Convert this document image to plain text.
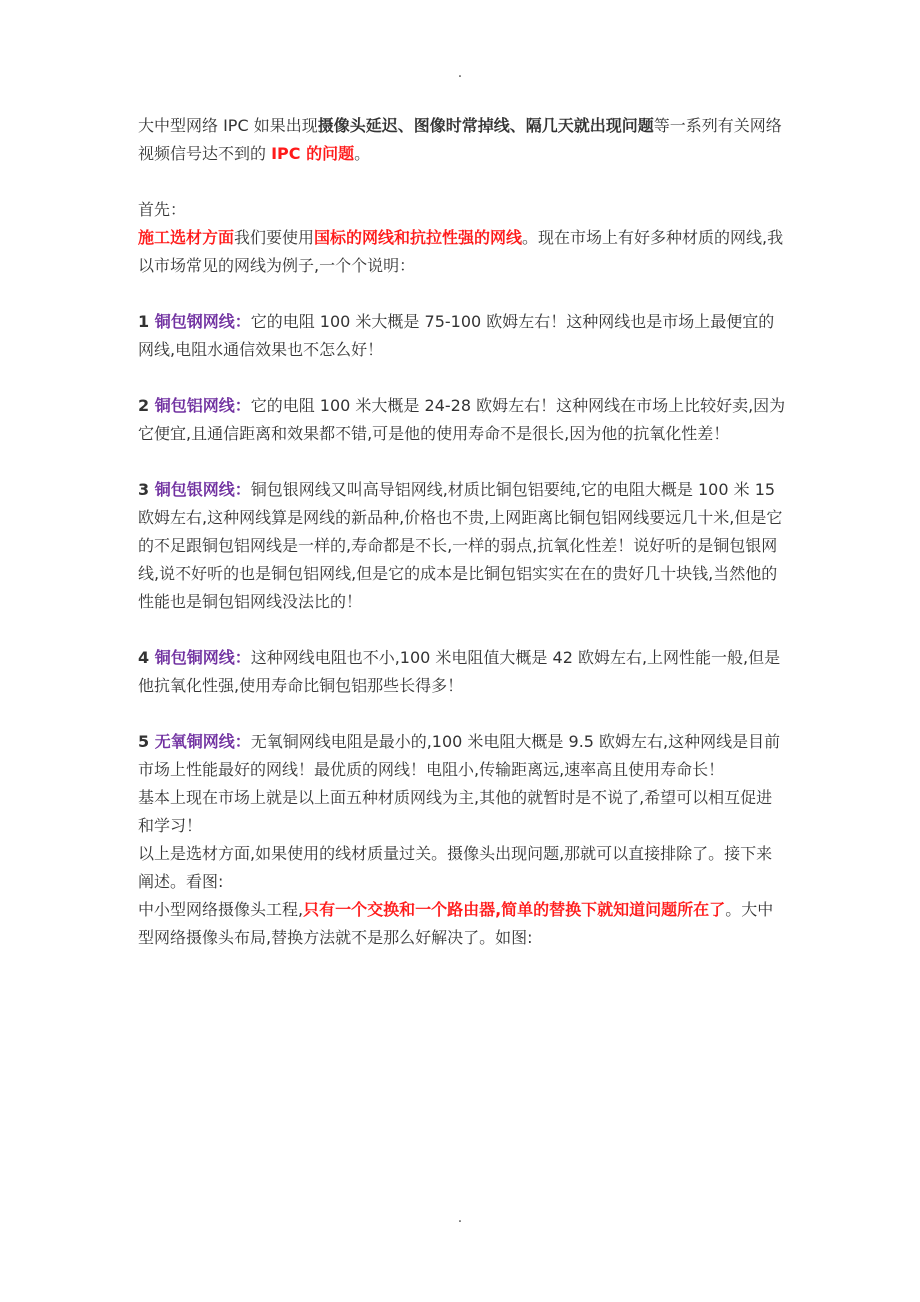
.

大中型网络 IPC 如果出现摄像头延迟、图像时常掉线、隔几天就出现问题等一系列有关网络视频信号达不到的 IPC 的问题。

首先：

施工选材方面我们要使用国标的网线和抗拉性强的网线。现在市场上有好多种材质的网线,我以市场常见的网线为例子,一个个说明：

1 铜包钢网线：它的电阻 100 米大概是 75-100 欧姆左右！这种网线也是市场上最便宜的网线,电阻水通信效果也不怎么好！

2 铜包铝网线：它的电阻 100 米大概是 24-28 欧姆左右！这种网线在市场上比较好卖,因为它便宜,且通信距离和效果都不错,可是他的使用寿命不是很长,因为他的抗氧化性差！

3 铜包银网线：铜包银网线又叫高导铝网线,材质比铜包铝要纯,它的电阻大概是 100 米 15 欧姆左右,这种网线算是网线的新品种,价格也不贵,上网距离比铜包铝网线要远几十米,但是它的不足跟铜包铝网线是一样的,寿命都是不长,一样的弱点,抗氧化性差！说好听的是铜包银网线,说不好听的也是铜包铝网线,但是它的成本是比铜包铝实实在在的贵好几十块钱,当然他的性能也是铜包铝网线没法比的！

4 铜包铜网线：这种网线电阻也不小,100 米电阻值大概是 42 欧姆左右,上网性能一般,但是他抗氧化性强,使用寿命比铜包铝那些长得多！

5 无氧铜网线：无氧铜网线电阻是最小的,100 米电阻大概是 9.5 欧姆左右,这种网线是目前市场上性能最好的网线！最优质的网线！电阻小,传输距离远,速率高且使用寿命长！

基本上现在市场上就是以上面五种材质网线为主,其他的就暂时是不说了,希望可以相互促进和学习！

以上是选材方面,如果使用的线材质量过关。摄像头出现问题,那就可以直接排除了。接下来阐述。看图:

中小型网络摄像头工程,只有一个交换和一个路由器,简单的替换下就知道问题所在了。大中型网络摄像头布局,替换方法就不是那么好解决了。如图:

.
